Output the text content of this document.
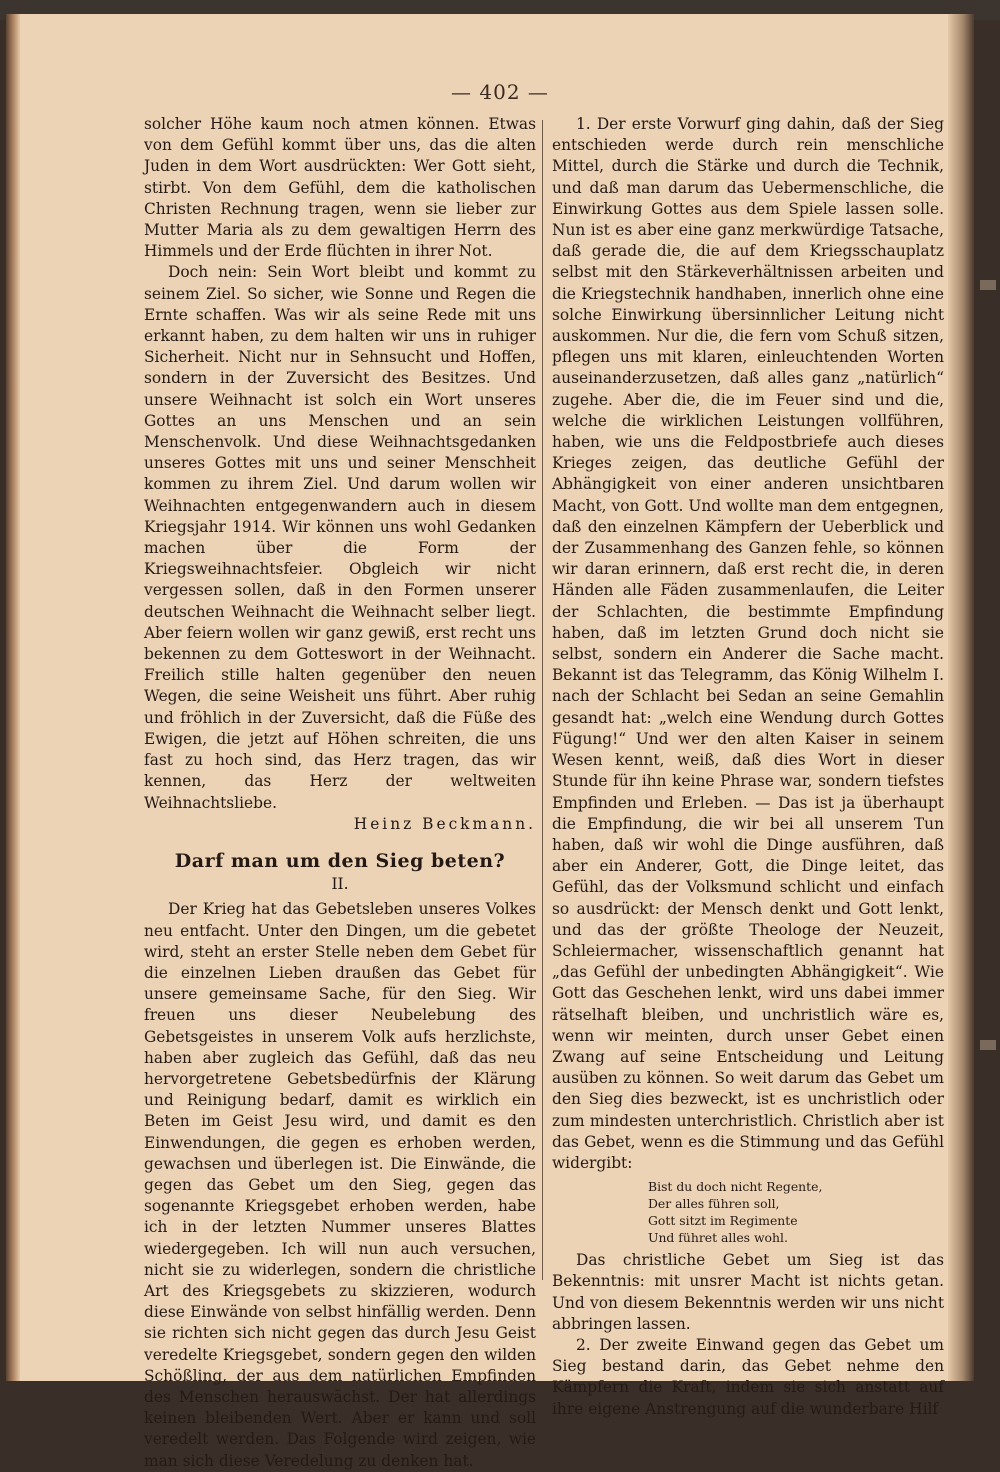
— 402 —

solcher Höhe kaum noch atmen können. Etwas von dem Gefühl kommt über uns, das die alten Juden in dem Wort ausdrückten: Wer Gott sieht, stirbt. Von dem Gefühl, dem die katholischen Christen Rechnung tragen, wenn sie lieber zur Mutter Maria als zu dem gewaltigen Herrn des Himmels und der Erde flüchten in ihrer Not.

Doch nein: Sein Wort bleibt und kommt zu seinem Ziel. So sicher, wie Sonne und Regen die Ernte schaffen. Was wir als seine Rede mit uns erkannt haben, zu dem halten wir uns in ruhiger Sicherheit. Nicht nur in Sehnsucht und Hoffen, sondern in der Zuversicht des Besitzes. Und unsere Weihnacht ist solch ein Wort unseres Gottes an uns Menschen und an sein Menschenvolk. Und diese Weihnachtsgedanken unseres Gottes mit uns und seiner Menschheit kommen zu ihrem Ziel. Und darum wollen wir Weihnachten entgegenwandern auch in diesem Kriegsjahr 1914. Wir können uns wohl Gedanken machen über die Form der Kriegsweihnachtsfeier. Obgleich wir nicht vergessen sollen, daß in den Formen unserer deutschen Weihnacht die Weihnacht selber liegt. Aber feiern wollen wir ganz gewiß, erst recht uns bekennen zu dem Gotteswort in der Weihnacht. Freilich stille halten gegenüber den neuen Wegen, die seine Weisheit uns führt. Aber ruhig und fröhlich in der Zuversicht, daß die Füße des Ewigen, die jetzt auf Höhen schreiten, die uns fast zu hoch sind, das Herz tragen, das wir kennen, das Herz der weltweiten Weihnachtsliebe.

Heinz Beckmann.
Darf man um den Sieg beten?
II.

Der Krieg hat das Gebetsleben unseres Volkes neu entfacht. Unter den Dingen, um die gebetet wird, steht an erster Stelle neben dem Gebet für die einzelnen Lieben draußen das Gebet für unsere gemeinsame Sache, für den Sieg. Wir freuen uns dieser Neubelebung des Gebetsgeistes in unserem Volk aufs herzlichste, haben aber zugleich das Gefühl, daß das neu hervorgetretene Gebetsbedürfnis der Klärung und Reinigung bedarf, damit es wirklich ein Beten im Geist Jesu wird, und damit es den Einwendungen, die gegen es erhoben werden, gewachsen und überlegen ist. Die Einwände, die gegen das Gebet um den Sieg, gegen das sogenannte Kriegsgebet erhoben werden, habe ich in der letzten Nummer unseres Blattes wiedergegeben. Ich will nun auch versuchen, nicht sie zu widerlegen, sondern die christliche Art des Kriegsgebets zu skizzieren, wodurch diese Einwände von selbst hinfällig werden. Denn sie richten sich nicht gegen das durch Jesu Geist veredelte Kriegsgebet, sondern gegen den wilden Schößling, der aus dem natürlichen Empfinden des Menschen herauswächst. Der hat allerdings keinen bleibenden Wert. Aber er kann und soll veredelt werden. Das Folgende wird zeigen, wie man sich diese Veredelung zu denken hat.

1. Der erste Vorwurf ging dahin, daß der Sieg entschieden werde durch rein menschliche Mittel, durch die Stärke und durch die Technik, und daß man darum das Uebermenschliche, die Einwirkung Gottes aus dem Spiele lassen solle. Nun ist es aber eine ganz merkwürdige Tatsache, daß gerade die, die auf dem Kriegsschauplatz selbst mit den Stärkeverhältnissen arbeiten und die Kriegstechnik handhaben, innerlich ohne eine solche Einwirkung übersinnlicher Leitung nicht auskommen. Nur die, die fern vom Schuß sitzen, pflegen uns mit klaren, einleuchtenden Worten auseinanderzusetzen, daß alles ganz „natürlich“ zugehe. Aber die, die im Feuer sind und die, welche die wirklichen Leistungen vollführen, haben, wie uns die Feldpostbriefe auch dieses Krieges zeigen, das deutliche Gefühl der Abhängigkeit von einer anderen unsichtbaren Macht, von Gott. Und wollte man dem entgegnen, daß den einzelnen Kämpfern der Ueberblick und der Zusammenhang des Ganzen fehle, so können wir daran erinnern, daß erst recht die, in deren Händen alle Fäden zusammenlaufen, die Leiter der Schlachten, die bestimmte Empfindung haben, daß im letzten Grund doch nicht sie selbst, sondern ein Anderer die Sache macht. Bekannt ist das Telegramm, das König Wilhelm I. nach der Schlacht bei Sedan an seine Gemahlin gesandt hat: „welch eine Wendung durch Gottes Fügung!“ Und wer den alten Kaiser in seinem Wesen kennt, weiß, daß dies Wort in dieser Stunde für ihn keine Phrase war, sondern tiefstes Empfinden und Erleben. — Das ist ja überhaupt die Empfindung, die wir bei all unserem Tun haben, daß wir wohl die Dinge ausführen, daß aber ein Anderer, Gott, die Dinge leitet, das Gefühl, das der Volksmund schlicht und einfach so ausdrückt: der Mensch denkt und Gott lenkt, und das der größte Theologe der Neuzeit, Schleiermacher, wissenschaftlich genannt hat „das Gefühl der unbedingten Abhängigkeit“. Wie Gott das Geschehen lenkt, wird uns dabei immer rätselhaft bleiben, und unchristlich wäre es, wenn wir meinten, durch unser Gebet einen Zwang auf seine Entscheidung und Leitung ausüben zu können. So weit darum das Gebet um den Sieg dies bezweckt, ist es unchristlich oder zum mindesten unterchristlich. Christlich aber ist das Gebet, wenn es die Stimmung und das Gefühl widergibt:

Bist du doch nicht Regente,
Der alles führen soll,
Gott sitzt im Regimente
Und führet alles wohl.

Das christliche Gebet um Sieg ist das Bekenntnis: mit unsrer Macht ist nichts getan. Und von diesem Bekenntnis werden wir uns nicht abbringen lassen.

2. Der zweite Einwand gegen das Gebet um Sieg bestand darin, das Gebet nehme den Kämpfern die Kraft, indem sie sich anstatt auf ihre eigene Anstrengung auf die wunderbare Hilf
